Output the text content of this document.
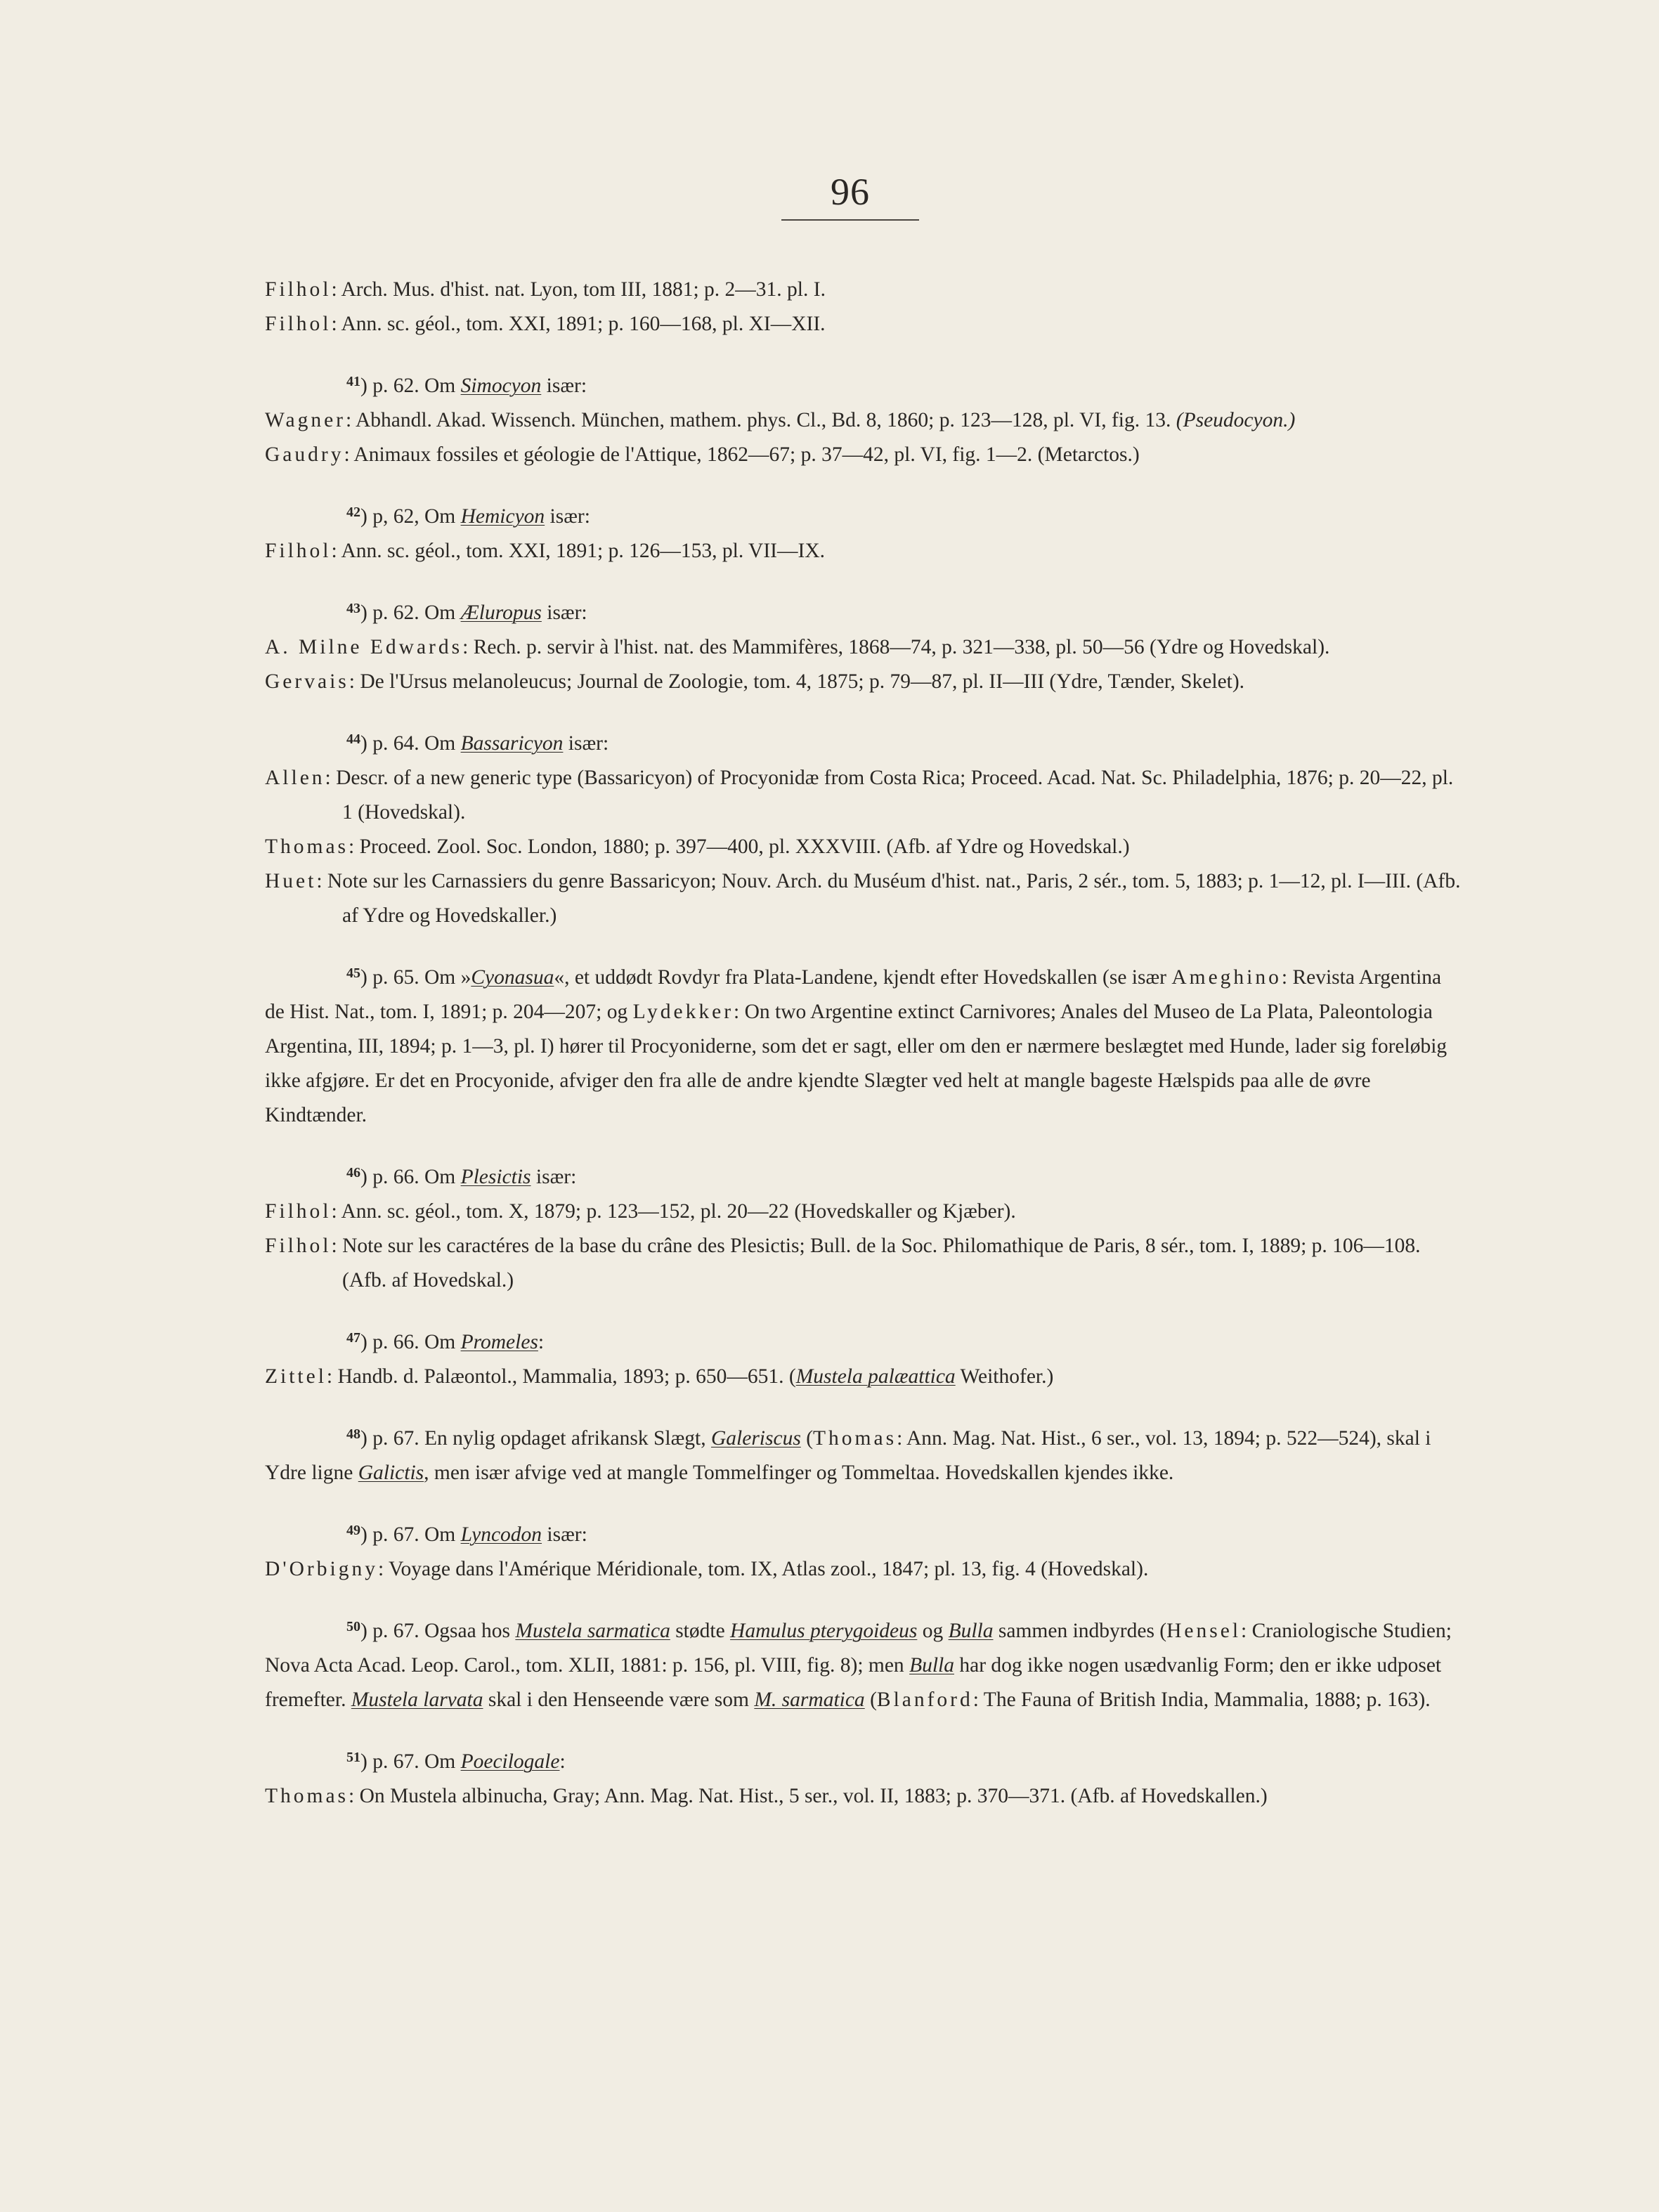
96
Filhol: Arch. Mus. d'hist. nat. Lyon, tom III, 1881; p. 2—31. pl. I.
Filhol: Ann. sc. géol., tom. XXI, 1891; p. 160—168, pl. XI—XII.
$^{41}$) p. 62. Om Simocyon især:
Wagner: Abhandl. Akad. Wissench. München, mathem. phys. Cl., Bd. 8, 1860; p. 123—128, pl. VI, fig. 13. (Pseudocyon.)
Gaudry: Animaux fossiles et géologie de l'Attique, 1862—67; p. 37—42, pl. VI, fig. 1—2. (Metarctos.)
$^{42}$) p, 62, Om Hemicyon især:
Filhol: Ann. sc. géol., tom. XXI, 1891; p. 126—153, pl. VII—IX.
$^{43}$) p. 62. Om Æluropus især:
A. Milne Edwards: Rech. p. servir à l'hist. nat. des Mammifères, 1868—74, p. 321—338, pl. 50—56 (Ydre og Hovedskal).
Gervais: De l'Ursus melanoleucus; Journal de Zoologie, tom. 4, 1875; p. 79—87, pl. II—III (Ydre, Tænder, Skelet).
$^{44}$) p. 64. Om Bassaricyon især:
Allen: Descr. of a new generic type (Bassaricyon) of Procyonidæ from Costa Rica; Proceed. Acad. Nat. Sc. Philadelphia, 1876; p. 20—22, pl. 1 (Hovedskal).
Thomas: Proceed. Zool. Soc. London, 1880; p. 397—400, pl. XXXVIII. (Afb. af Ydre og Hovedskal.)
Huet: Note sur les Carnassiers du genre Bassaricyon; Nouv. Arch. du Muséum d'hist. nat., Paris, 2 sér., tom. 5, 1883; p. 1—12, pl. I—III. (Afb. af Ydre og Hovedskaller.)
$^{45}$) p. 65. Om »Cyonasua«, et uddødt Rovdyr fra Plata-Landene, kjendt efter Hovedskallen (se især Ameghino: Revista Argentina de Hist. Nat., tom. I, 1891; p. 204—207; og Lydekker: On two Argentine extinct Carnivores; Anales del Museo de La Plata, Paleontologia Argentina, III, 1894; p. 1—3, pl. I) hører til Procyoniderne, som det er sagt, eller om den er nærmere beslægtet med Hunde, lader sig foreløbig ikke afgjøre. Er det en Procyonide, afviger den fra alle de andre kjendte Slægter ved helt at mangle bageste Hælspids paa alle de øvre Kindtænder.
$^{46}$) p. 66. Om Plesictis især:
Filhol: Ann. sc. géol., tom. X, 1879; p. 123—152, pl. 20—22 (Hovedskaller og Kjæber).
Filhol: Note sur les caractéres de la base du crâne des Plesictis; Bull. de la Soc. Philomathique de Paris, 8 sér., tom. I, 1889; p. 106—108. (Afb. af Hovedskal.)
$^{47}$) p. 66. Om Promeles:
Zittel: Handb. d. Palæontol., Mammalia, 1893; p. 650—651. (Mustela palæattica Weithofer.)
$^{48}$) p. 67. En nylig opdaget afrikansk Slægt, Galeriscus (Thomas: Ann. Mag. Nat. Hist., 6 ser., vol. 13, 1894; p. 522—524), skal i Ydre ligne Galictis, men især afvige ved at mangle Tommelfinger og Tommeltaa. Hovedskallen kjendes ikke.
$^{49}$) p. 67. Om Lyncodon især:
D'Orbigny: Voyage dans l'Amérique Méridionale, tom. IX, Atlas zool., 1847; pl. 13, fig. 4 (Hovedskal).
$^{50}$) p. 67. Ogsaa hos Mustela sarmatica stødte Hamulus pterygoideus og Bulla sammen indbyrdes (Hensel: Craniologische Studien; Nova Acta Acad. Leop. Carol., tom. XLII, 1881: p. 156, pl. VIII, fig. 8); men Bulla har dog ikke nogen usædvanlig Form; den er ikke udposet fremefter. Mustela larvata skal i den Henseende være som M. sarmatica (Blanford: The Fauna of British India, Mammalia, 1888; p. 163).
$^{51}$) p. 67. Om Poecilogale:
Thomas: On Mustela albinucha, Gray; Ann. Mag. Nat. Hist., 5 ser., vol. II, 1883; p. 370—371. (Afb. af Hovedskallen.)
